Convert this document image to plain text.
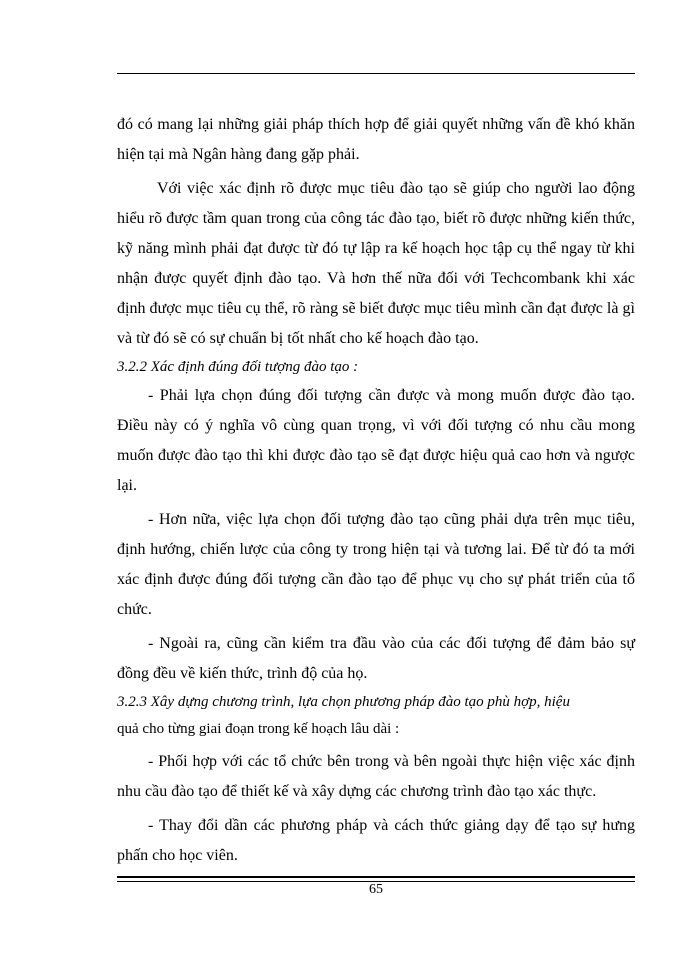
đó có mang lại những giải pháp thích hợp để giải quyết những vấn đề khó khăn hiện tại mà Ngân hàng đang gặp phải.

Với việc xác định rõ được mục tiêu đào tạo sẽ giúp cho người lao động hiểu rõ được tầm quan trong của công tác đào tạo, biết rõ được những kiến thức, kỹ năng mình phải đạt được từ đó tự lập ra kế hoạch học tập cụ thể ngay từ khi nhận được quyết định đào tạo. Và hơn thế nữa đối với Techcombank khi xác định được mục tiêu cụ thể, rõ ràng sẽ biết được mục tiêu mình cần đạt được là gì và từ đó sẽ có sự chuẩn bị tốt nhất cho kế hoạch đào tạo.

3.2.2 Xác định đúng đối tượng đào tạo :

- Phải lựa chọn đúng đối tượng cần được và mong muốn được đào tạo. Điều này có ý nghĩa vô cùng quan trọng, vì với đối tượng có nhu cầu mong muốn được đào tạo thì khi được đào tạo sẽ đạt được hiệu quả cao hơn và ngược lại.

- Hơn nữa, việc lựa chọn đối tượng đào tạo cũng phải dựa trên mục tiêu, định hướng, chiến lược của công ty trong hiện tại và tương lai. Để từ đó ta mới xác định được đúng đối tượng cần đào tạo để phục vụ cho sự phát triển của tổ chức.

- Ngoài ra, cũng cần kiểm tra đầu vào của các đối tượng để đảm bảo sự đồng đều về kiến thức, trình độ của họ.

3.2.3 Xây dựng chương trình, lựa chọn phương pháp đào tạo phù hợp, hiệu
quả cho từng giai đoạn trong kế hoạch lâu dài :

- Phối hợp với các tổ chức bên trong và bên ngoài thực hiện việc xác định nhu cầu đào tạo để thiết kế và xây dựng các chương trình đào tạo xác thực.

- Thay đổi dần các phương pháp và cách thức giảng dạy để tạo sự hưng phấn cho học viên.

65
